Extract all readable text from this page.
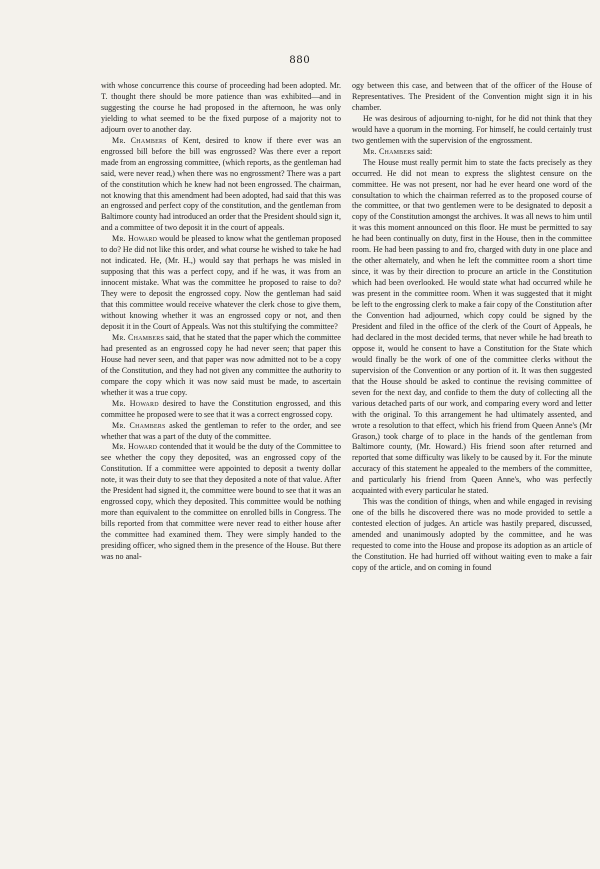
880

with whose concurrence this course of proceeding had been adopted. Mr. T. thought there should be more patience than was exhibited—and in suggesting the course he had proposed in the afternoon, he was only yielding to what seemed to be the fixed purpose of a majority not to adjourn over to another day.

Mr. Chambers of Kent, desired to know if there ever was an engrossed bill before the bill was engrossed? Was there ever a report made from an engrossing committee, (which reports, as the gentleman had said, were never read,) when there was no engrossment? There was a part of the constitution which he knew had not been engrossed. The chairman, not knowing that this amendment had been adopted, had said that this was an engrossed and perfect copy of the constitution, and the gentleman from Baltimore county had introduced an order that the President should sign it, and a committee of two deposit it in the court of appeals.

Mr. Howard would be pleased to know what the gentleman proposed to do? He did not like this order, and what course he wished to take he had not indicated. He, (Mr. H.,) would say that perhaps he was misled in supposing that this was a perfect copy, and if he was, it was from an innocent mistake. What was the committee he proposed to raise to do? They were to deposit the engrossed copy. Now the gentleman had said that this committee would receive whatever the clerk chose to give them, without knowing whether it was an engrossed copy or not, and then deposit it in the Court of Appeals. Was not this stultifying the committee?

Mr. Chambers said, that he stated that the paper which the committee had presented as an engrossed copy he had never seen; that paper this House had never seen, and that paper was now admitted not to be a copy of the Constitution, and they had not given any committee the authority to compare the copy which it was now said must be made, to ascertain whether it was a true copy.

Mr. Howard desired to have the Constitution engrossed, and this committee he proposed were to see that it was a correct engrossed copy.

Mr. Chambers asked the gentleman to refer to the order, and see whether that was a part of the duty of the committee.

Mr. Howard contended that it would be the duty of the Committee to see whether the copy they deposited, was an engrossed copy of the Constitution. If a committee were appointed to deposit a twenty dollar note, it was their duty to see that they deposited a note of that value. After the President had signed it, the committee were bound to see that it was an engrossed copy, which they deposited. This committee would be nothing more than equivalent to the committee on enrolled bills in Congress. The bills reported from that committee were never read to either house after the committee had examined them. They were simply handed to the presiding officer, who signed them in the presence of the House. But there was no anal-

ogy between this case, and between that of the officer of the House of Representatives. The President of the Convention might sign it in his chamber.

He was desirous of adjourning to-night, for he did not think that they would have a quorum in the morning. For himself, he could certainly trust two gentlemen with the supervision of the engrossment.

Mr. Chambers said:

The House must really permit him to state the facts precisely as they occurred. He did not mean to express the slightest censure on the committee. He was not present, nor had he ever heard one word of the consultation to which the chairman referred as to the proposed course of the committee, or that two gentlemen were to be designated to deposit a copy of the Constitution amongst the archives. It was all news to him until it was this moment announced on this floor. He must be permitted to say he had been continually on duty, first in the House, then in the committee room. He had been passing to and fro, charged with duty in one place and the other alternately, and when he left the committee room a short time since, it was by their direction to procure an article in the Constitution which had been overlooked. He would state what had occurred while he was present in the committee room. When it was suggested that it might be left to the engrossing clerk to make a fair copy of the Constitution after the Convention had adjourned, which copy could be signed by the President and filed in the office of the clerk of the Court of Appeals, he had declared in the most decided terms, that never while he had breath to oppose it, would he consent to have a Constitution for the State which would finally be the work of one of the committee clerks without the supervision of the Convention or any portion of it. It was then suggested that the House should be asked to continue the revising committee of seven for the next day, and confide to them the duty of collecting all the various detached parts of our work, and comparing every word and letter with the original. To this arrangement he had ultimately assented, and wrote a resolution to that effect, which his friend from Queen Anne's (Mr Grason,) took charge of to place in the hands of the gentleman from Baltimore county, (Mr. Howard.) His friend soon after returned and reported that some difficulty was likely to be caused by it. For the minute accuracy of this statement he appealed to the members of the committee, and particularly his friend from Queen Anne's, who was perfectly acquainted with every particular he stated.

This was the condition of things, when and while engaged in revising one of the bills he discovered there was no mode provided to settle a contested election of judges. An article was hastily prepared, discussed, amended and unanimously adopted by the committee, and he was requested to come into the House and propose its adoption as an article of the Constitution. He had hurried off without waiting even to make a fair copy of the article, and on coming in found
